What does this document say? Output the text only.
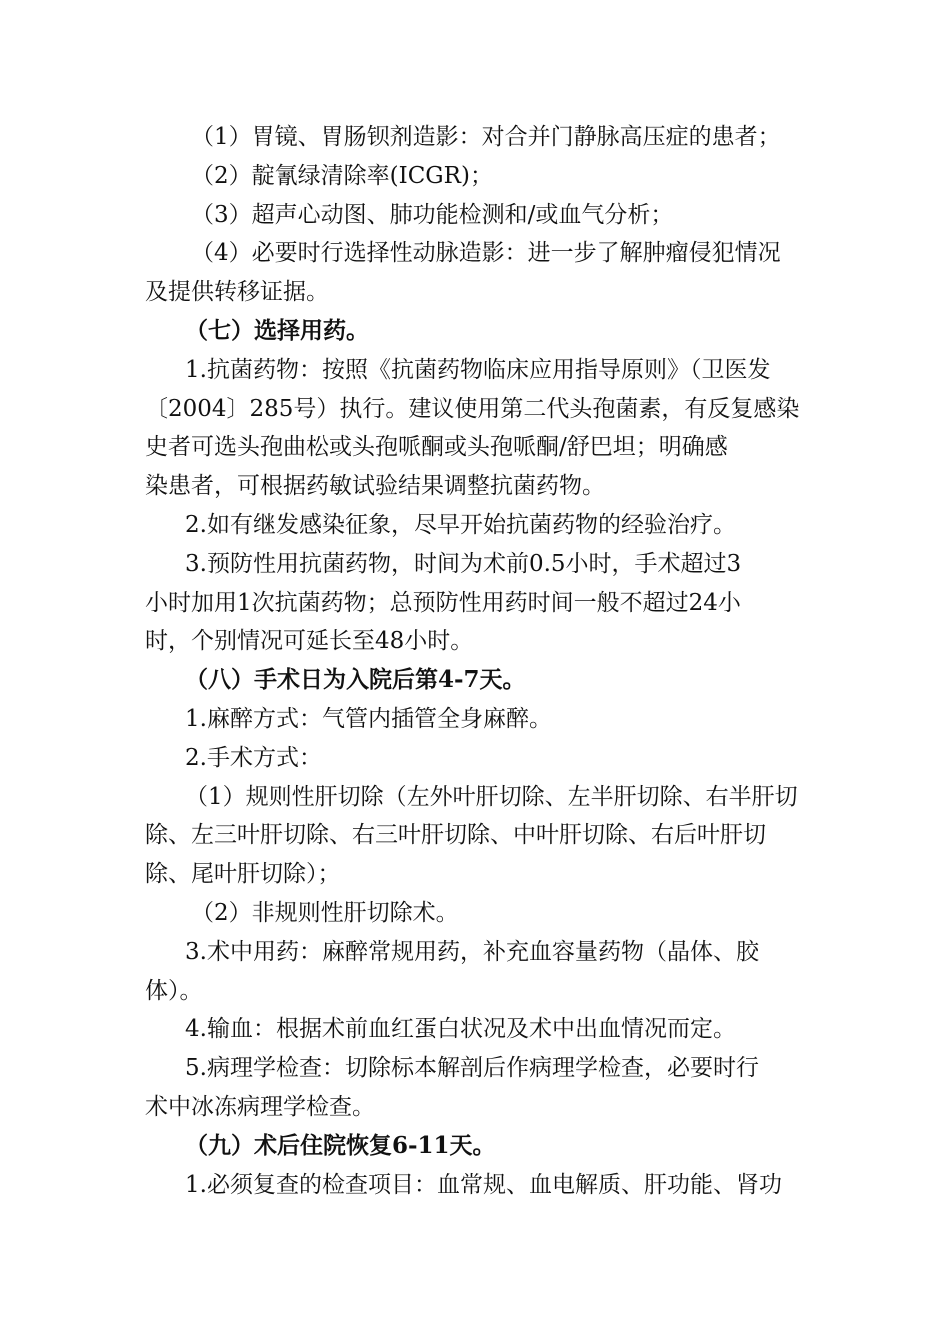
（1）胃镜、胃肠钡剂造影：对合并门静脉高压症的患者；
（2）靛氰绿清除率(ICGR)；
（3）超声心动图、肺功能检测和/或血气分析；
（4）必要时行选择性动脉造影：进一步了解肿瘤侵犯情况
及提供转移证据。
（七）选择用药。
1.抗菌药物：按照《抗菌药物临床应用指导原则》（卫医发
〔2004〕285号）执行。建议使用第二代头孢菌素，有反复感染
史者可选头孢曲松或头孢哌酮或头孢哌酮/舒巴坦；明确感
染患者，可根据药敏试验结果调整抗菌药物。
2.如有继发感染征象，尽早开始抗菌药物的经验治疗。
3.预防性用抗菌药物，时间为术前0.5小时，手术超过3
小时加用1次抗菌药物；总预防性用药时间一般不超过24小
时，个别情况可延长至48小时。
（八）手术日为入院后第4-7天。
1.麻醉方式：气管内插管全身麻醉。
2.手术方式：
（1）规则性肝切除（左外叶肝切除、左半肝切除、右半肝切
除、左三叶肝切除、右三叶肝切除、中叶肝切除、右后叶肝切
除、尾叶肝切除）；
（2）非规则性肝切除术。
3.术中用药：麻醉常规用药，补充血容量药物（晶体、胶
体）。
4.输血：根据术前血红蛋白状况及术中出血情况而定。
5.病理学检查：切除标本解剖后作病理学检查，必要时行
术中冰冻病理学检查。
（九）术后住院恢复6-11天。
1.必须复查的检查项目：血常规、血电解质、肝功能、肾功
